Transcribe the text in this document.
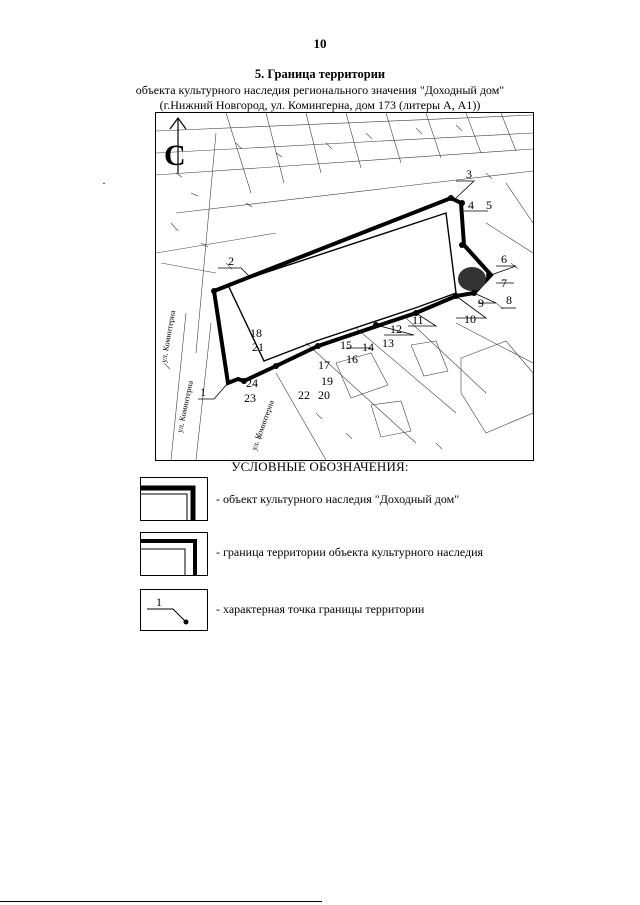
10
5. Граница территории
объекта культурного наследия регионального значения "Доходный дом"
(г.Нижний Новгород, ул. Комингерна, дом 173 (литеры А, А1))
·
С
1
2
3
4 5
6
7
8
9
10
11
12
13
14
15
16
17
18
19
20
21
22
23
24
ул. Коминтерна
ул. Коминтерна	ул. Коминтерна
УСЛОВНЫЕ ОБОЗНАЧЕНИЯ:
- объект культурного наследия "Доходный дом"
- граница территории объекта культурного наследия
1	- характерная точка границы территории
